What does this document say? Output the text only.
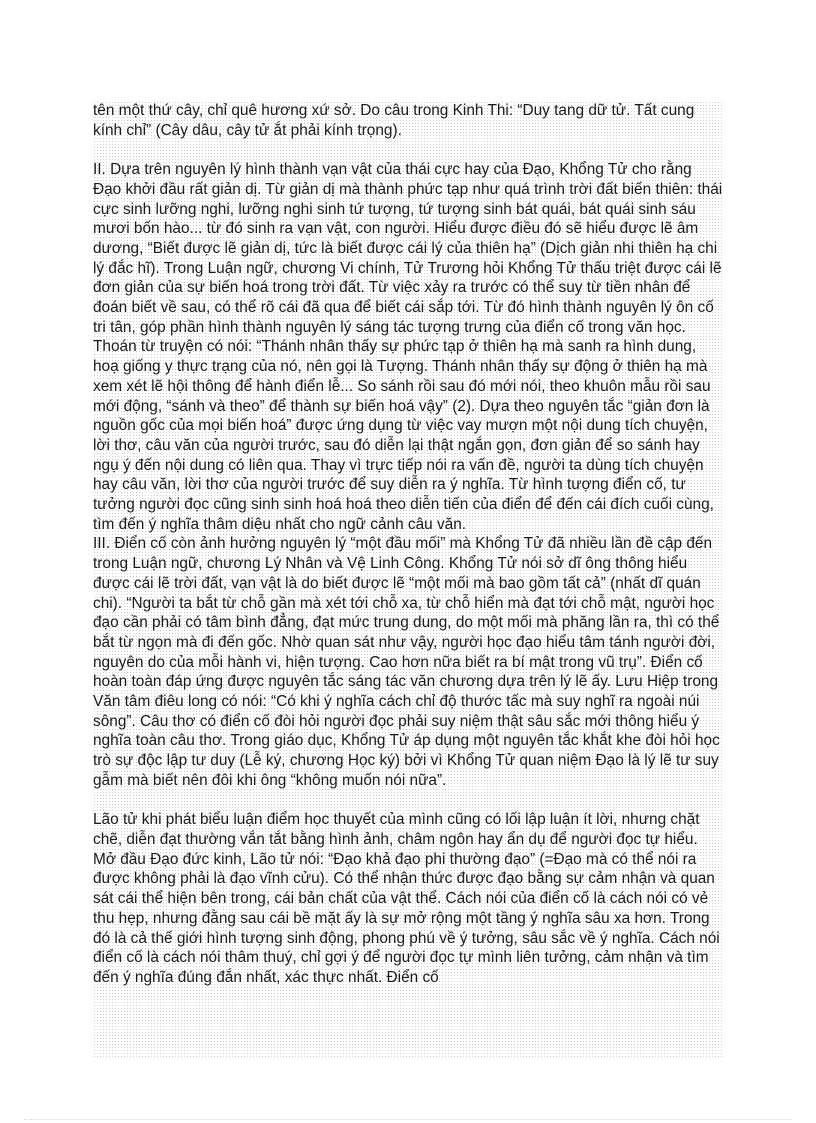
tên một thứ cây, chỉ quê hương xứ sở. Do câu trong Kinh Thi: “Duy tang dữ tử. Tất cung kính chỉ” (Cây dâu, cây tử ắt phải kính trọng).

II. Dựa trên nguyên lý hình thành vạn vật của thái cực hay của Đạo, Khổng Tử cho rằng Đạo khởi đầu rất giản dị. Từ giản dị mà thành phức tạp như quá trình trời đất biến thiên: thái cực sinh lưỡng nghi, lưỡng nghi sinh tứ tượng, tứ tượng sinh bát quái, bát quái sinh sáu mươi bốn hào... từ đó sinh ra vạn vật, con người. Hiểu được điều đó sẽ hiểu được lẽ âm dương, “Biết được lẽ giản dị, tức là biết được cái lý của thiên hạ” (Dịch giản nhi thiên hạ chi lý đắc hĩ). Trong Luận ngữ, chương Vi chính, Tử Trương hỏi Khổng Tử thấu triệt được cái lẽ đơn giản của sự biến hoá trong trời đất. Từ việc xảy ra trước có thể suy từ tiền nhân để đoán biết về sau, có thể rõ cái đã qua để biết cái sắp tới. Từ đó hình thành nguyên lý ôn cố tri tân, góp phần hình thành nguyên lý sáng tác tượng trưng của điển cố trong văn học. Thoán từ truyện có nói: “Thánh nhân thấy sự phức tạp ở thiên hạ mà sanh ra hình dung, hoạ giống y thực trạng của nó, nên gọi là Tượng. Thánh nhân thấy sự động ở thiên hạ mà xem xét lẽ hội thông để hành điển lễ... So sánh rồi sau đó mới nói, theo khuôn mẫu rồi sau mới động, “sánh và theo” để thành sự biến hoá vậy” (2). Dựa theo nguyên tắc “giản đơn là nguồn gốc của mọi biến hoá” được ứng dụng từ việc vay mượn một nội dung tích chuyện, lời thơ, câu văn của người trước, sau đó diễn lại thật ngắn gọn, đơn giản để so sánh hay ngụ ý đến nội dung có liên qua. Thay vì trực tiếp nói ra vấn đề, người ta dùng tích chuyện hay câu văn, lời thơ của người trước để suy diễn ra ý nghĩa. Từ hình tượng điển cố, tư tưởng người đọc cũng sinh sinh hoá hoá theo diễn tiến của điển để đến cái đích cuối cùng, tìm đến ý nghĩa thâm diệu nhất cho ngữ cảnh câu văn.

III. Điển cố còn ảnh hưởng nguyên lý “một đầu mối” mà Khổng Tử đã nhiều lần đề cập đến trong Luận ngữ, chương Lý Nhân và Vệ Linh Công. Khổng Tử nói sở dĩ ông thông hiểu được cái lẽ trời đất, vạn vật là do biết được lẽ “một mối mà bao gồm tất cả” (nhất dĩ quán chi). “Người ta bắt từ chỗ gần mà xét tới chỗ xa, từ chỗ hiển mà đạt tới chỗ mật, người học đạo cần phải có tâm bình đẳng, đạt mức trung dung, do một mối mà phăng lần ra, thì có thể bắt từ ngọn mà đi đến gốc. Nhờ quan sát như vậy, người học đạo hiểu tâm tánh người đời, nguyên do của mỗi hành vi, hiện tượng. Cao hơn nữa biết ra bí mật trong vũ trụ”. Điển cố hoàn toàn đáp ứng được nguyên tắc sáng tác văn chương dựa trên lý lẽ ấy. Lưu Hiệp trong Văn tâm điêu long có nói: “Có khi ý nghĩa cách chỉ độ thước tấc mà suy nghĩ ra ngoài núi sông”. Câu thơ có điển cố đòi hỏi người đọc phải suy niệm thật sâu sắc mới thông hiểu ý nghĩa toàn câu thơ. Trong giáo dục, Khổng Tử áp dụng một nguyên tắc khắt khe đòi hỏi học trò sự độc lập tư duy (Lễ ký, chương Học ký) bởi vì Khổng Tử quan niệm Đạo là lý lẽ tư suy gẫm mà biết nên đôi khi ông “không muốn nói nữa”.

Lão tử khi phát biểu luận điểm học thuyết của mình cũng có lối lập luận ít lời, nhưng chặt chẽ, diễn đạt thường vắn tắt bằng hình ảnh, châm ngôn hay ẩn dụ để người đọc tự hiểu. Mở đầu Đạo đức kinh, Lão tử nói: “Đạo khả đạo phi thường đạo” (=Đạo mà có thể nói ra được không phải là đạo vĩnh cửu). Có thể nhận thức được đạo bằng sự cảm nhận và quan sát cái thể hiện bên trong, cái bản chất của vật thể. Cách nói của điển cố là cách nói có vẻ thu hẹp, nhưng đằng sau cái bề mặt ấy là sự mở rộng một tầng ý nghĩa sâu xa hơn. Trong đó là cả thế giới hình tượng sinh động, phong phú về ý tưởng, sâu sắc về ý nghĩa. Cách nói điển cố là cách nói thâm thuý, chỉ gợi ý để người đọc tự mình liên tưởng, cảm nhận và tìm đến ý nghĩa đúng đắn nhất, xác thực nhất. Điển cố
